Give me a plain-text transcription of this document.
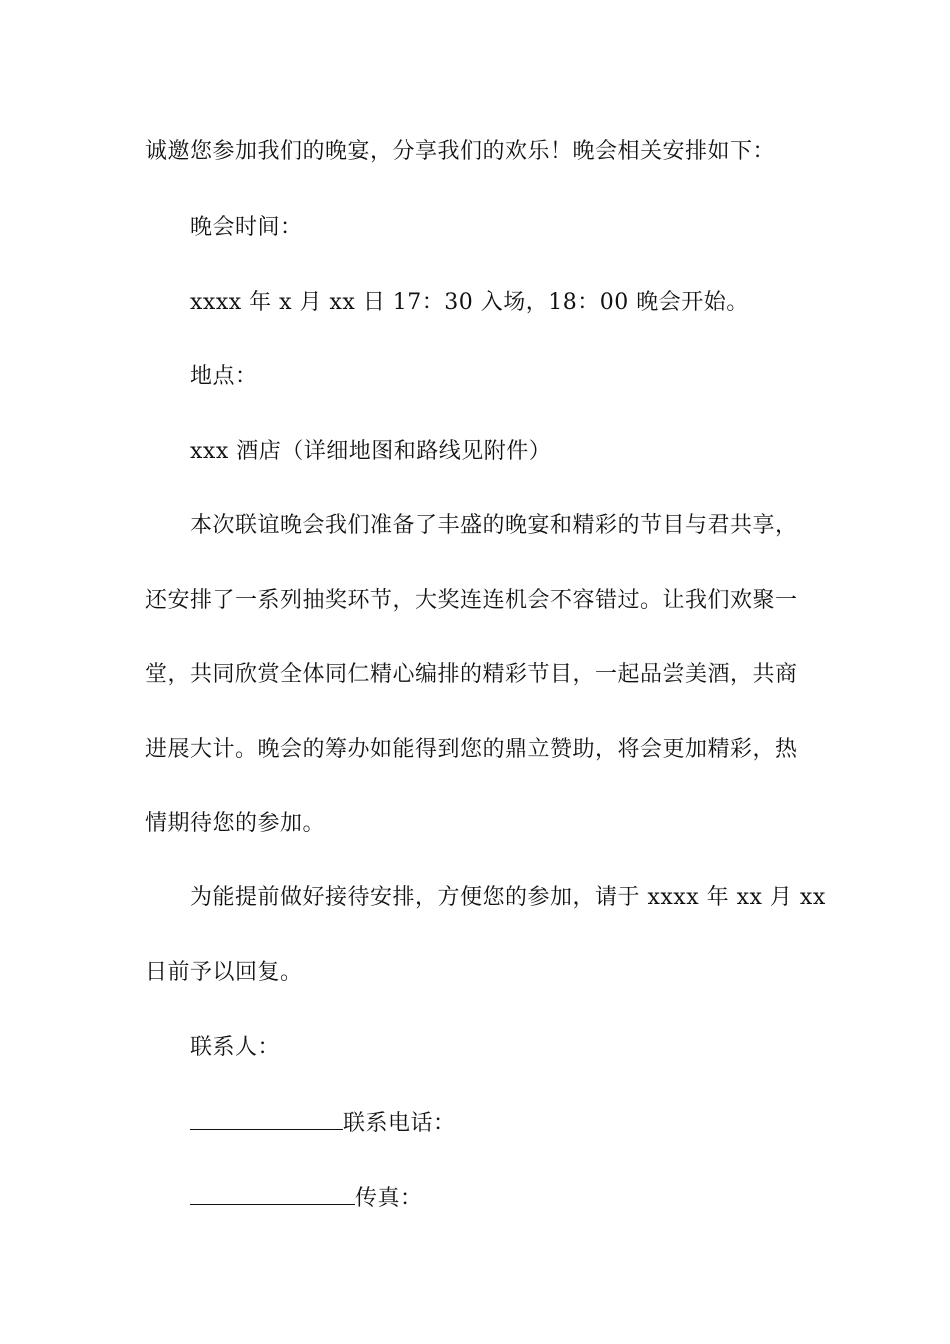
诚邀您参加我们的晚宴，分享我们的欢乐！晚会相关安排如下：
晚会时间：
xxxx 年 x 月 xx 日 17：30 入场，18：00 晚会开始。
地点：
xxx 酒店（详细地图和路线见附件）
本次联谊晚会我们准备了丰盛的晚宴和精彩的节目与君共享，
还安排了一系列抽奖环节，大奖连连机会不容错过。让我们欢聚一
堂，共同欣赏全体同仁精心编排的精彩节目，一起品尝美酒，共商
进展大计。晚会的筹办如能得到您的鼎立赞助，将会更加精彩，热
情期待您的参加。
为能提前做好接待安排，方便您的参加，请于 xxxx 年 xx 月 xx
日前予以回复。
联系人：
联系电话：
传真：
